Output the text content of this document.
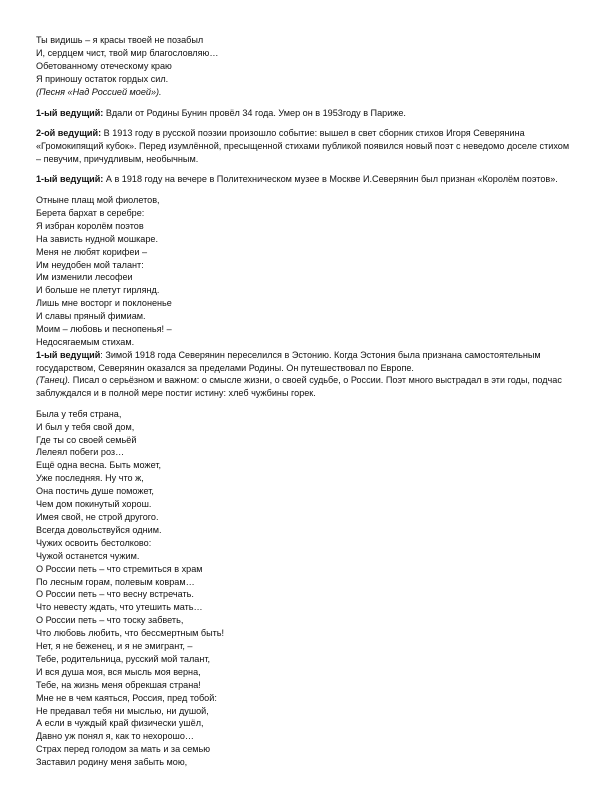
Ты видишь – я красы твоей не позабыл
И, сердцем чист, твой мир благословляю…
Обетованному отеческому краю
Я приношу остаток гордых сил.
(Песня «Над Россией моей»).
1-ый ведущий: Вдали от Родины Бунин провёл 34 года. Умер он в 1953году в Париже.
2-ой ведущий: В 1913 году в русской поэзии произошло событие: вышел в свет сборник стихов Игоря Северянина «Громокипящий кубок». Перед изумлённой, пресыщенной стихами публикой появился новый поэт с неведомо доселе стихом – певучим, причудливым, необычным.
1-ый ведущий: А в 1918 году на вечере в Политехническом музее в Москве И.Северянин был признан «Королём поэтов».
Отныне плащ мой фиолетов,
Берета бархат в серебре:
Я избран королём поэтов
На зависть нудной мошкаре.
Меня не любят корифеи –
Им неудобен мой талант:
Им изменили лесофеи
И больше не плетут гирлянд.
Лишь мне восторг и поклоненье
И славы пряный фимиам.
Моим – любовь и песнопенья! –
Недосягаемым стихам.
1-ый ведущий: Зимой 1918 года Северянин переселился в Эстонию. Когда Эстония была признана самостоятельным государством, Северянин оказался за пределами Родины. Он путешествовал по Европе.
(Танец). Писал о серьёзном и важном: о смысле жизни, о своей судьбе, о России. Поэт много выстрадал в эти годы, подчас заблуждался и в полной мере постиг истину: хлеб чужбины горек.
Была у тебя страна,
И был у тебя свой дом,
Где ты со своей семьёй
Лелеял побеги роз…
Ещё одна весна. Быть может,
Уже последняя. Ну что ж,
Она постичь душе поможет,
Чем дом покинутый хорош.
Имея свой, не строй другого.
Всегда довольствуйся одним.
Чужих освоить бестолково:
Чужой останется чужим.
О России петь – что стремиться в храм
По лесным горам, полевым коврам…
О России петь – что весну встречать.
Что невесту ждать, что утешить мать…
О России петь – что тоску забветь,
Что любовь любить, что бессмертным быть!
Нет, я не беженец, и я не эмигрант, –
Тебе, родительница, русский мой талант,
И вся душа моя, вся мысль моя верна,
Тебе, на жизнь меня обрекшая страна!
Мне не в чем каяться, Россия, пред тобой:
Не предавал тебя ни мыслью, ни душой,
А если в чуждый край физически ушёл,
Давно уж понял я, как то нехорошо…
Страх перед голодом за мать и за семью
Заставил родину меня забыть мою,
